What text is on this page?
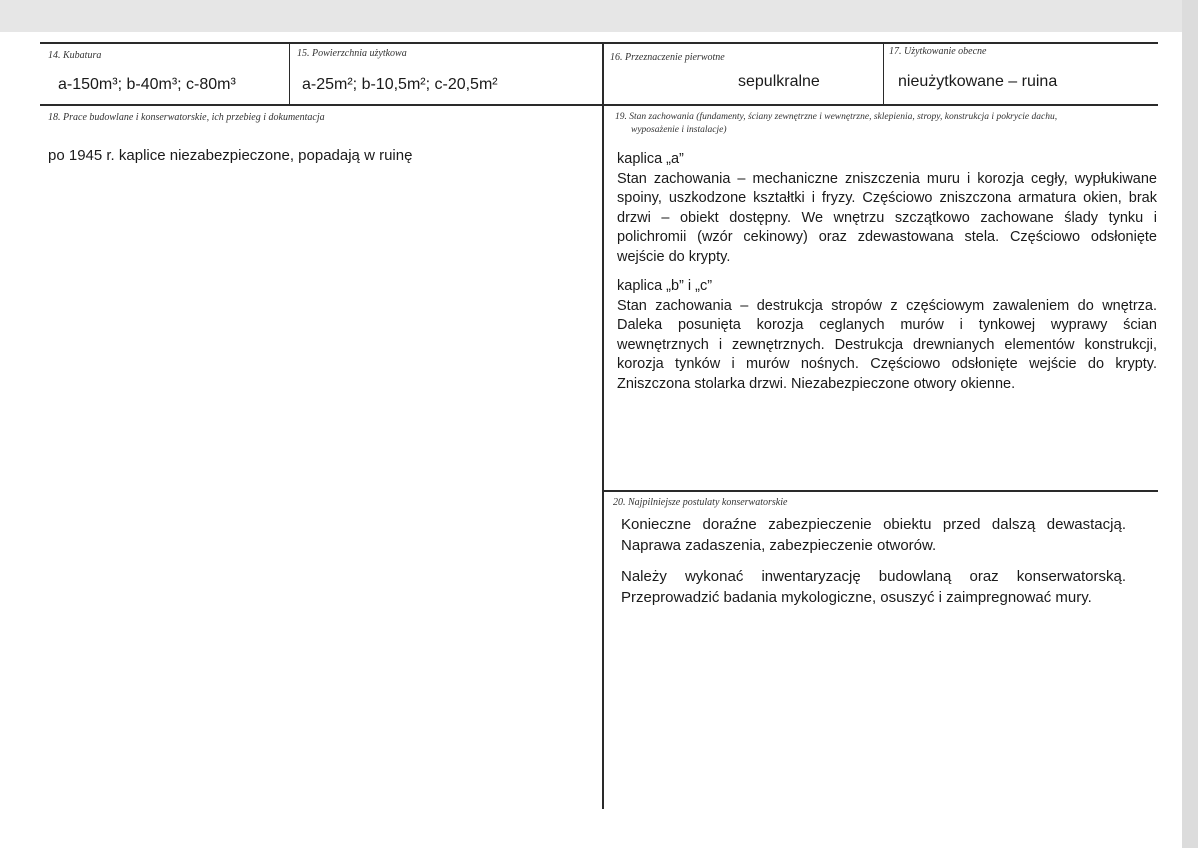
14. Kubatura
a-150m³; b-40m³; c-80m³
15. Powierzchnia użytkowa
a-25m²; b-10,5m²; c-20,5m²
16. Przeznaczenie pierwotne
sepulkralne
17. Użytkowanie obecne
nieużytkowane – ruina
18. Prace budowlane i konserwatorskie, ich przebieg i dokumentacja
po 1945 r. kaplice niezabezpieczone, popadają w ruinę
19. Stan zachowania (fundamenty, ściany zewnętrzne i wewnętrzne, sklepienia, stropy, konstrukcja i pokrycie dachu,
wyposażenie i instalacje)

kaplica „a”

Stan zachowania – mechaniczne zniszczenia muru i korozja cegły, wypłukiwane spoiny, uszkodzone kształtki i fryzy. Częściowo zniszczona armatura okien, brak drzwi – obiekt dostępny. We wnętrzu szczątkowo zachowane ślady tynku i polichromii (wzór cekinowy) oraz zdewastowana stela. Częściowo odsłonięte wejście do krypty.

kaplica „b” i „c”

Stan zachowania – destrukcja stropów z częściowym zawaleniem do wnętrza. Daleka posunięta korozja ceglanych murów i tynkowej wyprawy ścian wewnętrznych i zewnętrznych. Destrukcja drewnianych elementów konstrukcji, korozja tynków i murów nośnych. Częściowo odsłonięte wejście do krypty. Zniszczona stolarka drzwi. Niezabezpieczone otwory okienne.

20. Najpilniejsze postulaty konserwatorskie

Konieczne doraźne zabezpieczenie obiektu przed dalszą dewastacją. Naprawa zadaszenia, zabezpieczenie otworów.

Należy wykonać inwentaryzację budowlaną oraz konserwatorską. Przeprowadzić badania mykologiczne, osuszyć i zaimpregnować mury.
